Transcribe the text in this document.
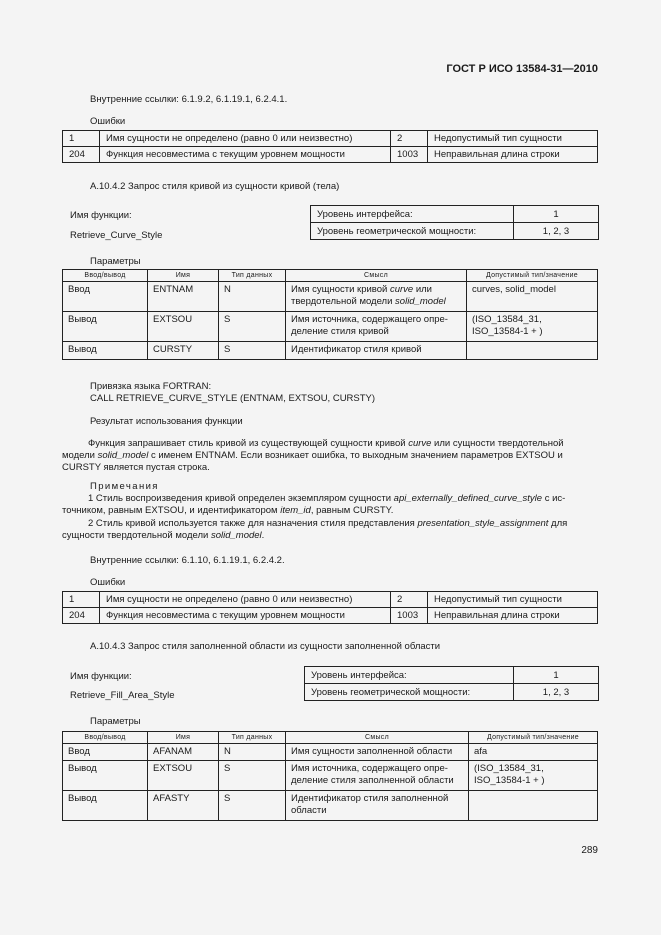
ГОСТ Р ИСО 13584-31—2010
Внутренние ссылки: 6.1.9.2, 6.1.19.1, 6.2.4.1.
Ошибки
1	Имя сущности не определено (равно 0 или неизвестно)	2	Недопустимый тип сущности
204	Функция несовместима с текущим уровнем мощности	1003	Неправильная длина строки
А.10.4.2 Запрос стиля кривой из сущности кривой (тела)
Имя функции:
Retrieve_Curve_Style
Уровень интерфейса:	1
Уровень геометрической мощности:	1, 2, 3
Параметры
Ввод/вывод	Имя	Тип данных	Смысл	Допустимый тип/значение
Ввод	ENTNAM	N	Имя сущности кривой curve или твердотельной модели solid_model	curves, solid_model
Вывод	EXTSOU	S	Имя источника, содержащего опре-деление стиля кривой	(ISO_13584_31, ISO_13584-1 + )
Вывод	CURSTY	S	Идентификатор стиля кривой	
Привязка языка FORTRAN:
CALL RETRIEVE_CURVE_STYLE (ENTNAM, EXTSOU, CURSTY)
Результат использования функции
Функция запрашивает стиль кривой из существующей сущности кривой curve или сущности твердотельной модели solid_model с именем ENTNAM. Если возникает ошибка, то выходным значением параметров EXTSOU и CURSTY является пустая строка.
Примечания
1 Стиль воспроизведения кривой определен экземпляром сущности api_externally_defined_curve_style с ис-точником, равным EXTSOU, и идентификатором item_id, равным CURSTY.
2 Стиль кривой используется также для назначения стиля представления presentation_style_assignment для сущности твердотельной модели solid_model.
Внутренние ссылки: 6.1.10, 6.1.19.1, 6.2.4.2.
Ошибки
1	Имя сущности не определено (равно 0 или неизвестно)	2	Недопустимый тип сущности
204	Функция несовместима с текущим уровнем мощности	1003	Неправильная длина строки
А.10.4.3 Запрос стиля заполненной области из сущности заполненной области
Имя функции:
Retrieve_Fill_Area_Style
Уровень интерфейса:	1
Уровень геометрической мощности:	1, 2, 3
Параметры
Ввод/вывод	Имя	Тип данных	Смысл	Допустимый тип/значение
Ввод	AFANAM	N	Имя сущности заполненной области	afa
Вывод	EXTSOU	S	Имя источника, содержащего опре-деление стиля заполненной области	(ISO_13584_31, ISO_13584-1 + )
Вывод	AFASTY	S	Идентификатор стиля заполненной области	
289
